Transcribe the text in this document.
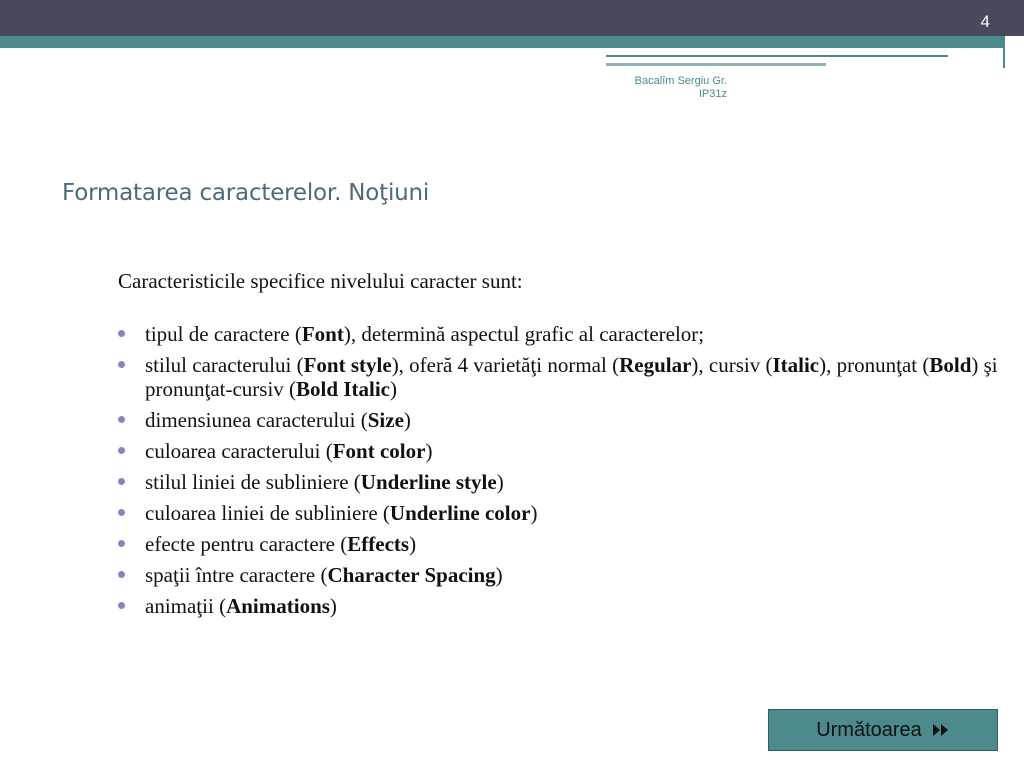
4
Bacalîm Sergiu Gr.
IP31z
Formatarea caracterelor. Noţiuni

Caracteristicile specifice nivelului caracter sunt:

tipul de caractere (Font), determină aspectul grafic al caracterelor;
stilul caracterului (Font style), oferă 4 varietăţi normal (Regular), cursiv (Italic), pronunţat (Bold) şi pronunţat-cursiv (Bold Italic)
dimensiunea caracterului (Size)
culoarea caracterului (Font color)
stilul liniei de subliniere (Underline style)
culoarea liniei de subliniere (Underline color)
efecte pentru caractere (Effects)
spaţii între caractere (Character Spacing)
animaţii (Animations)
Următoarea
